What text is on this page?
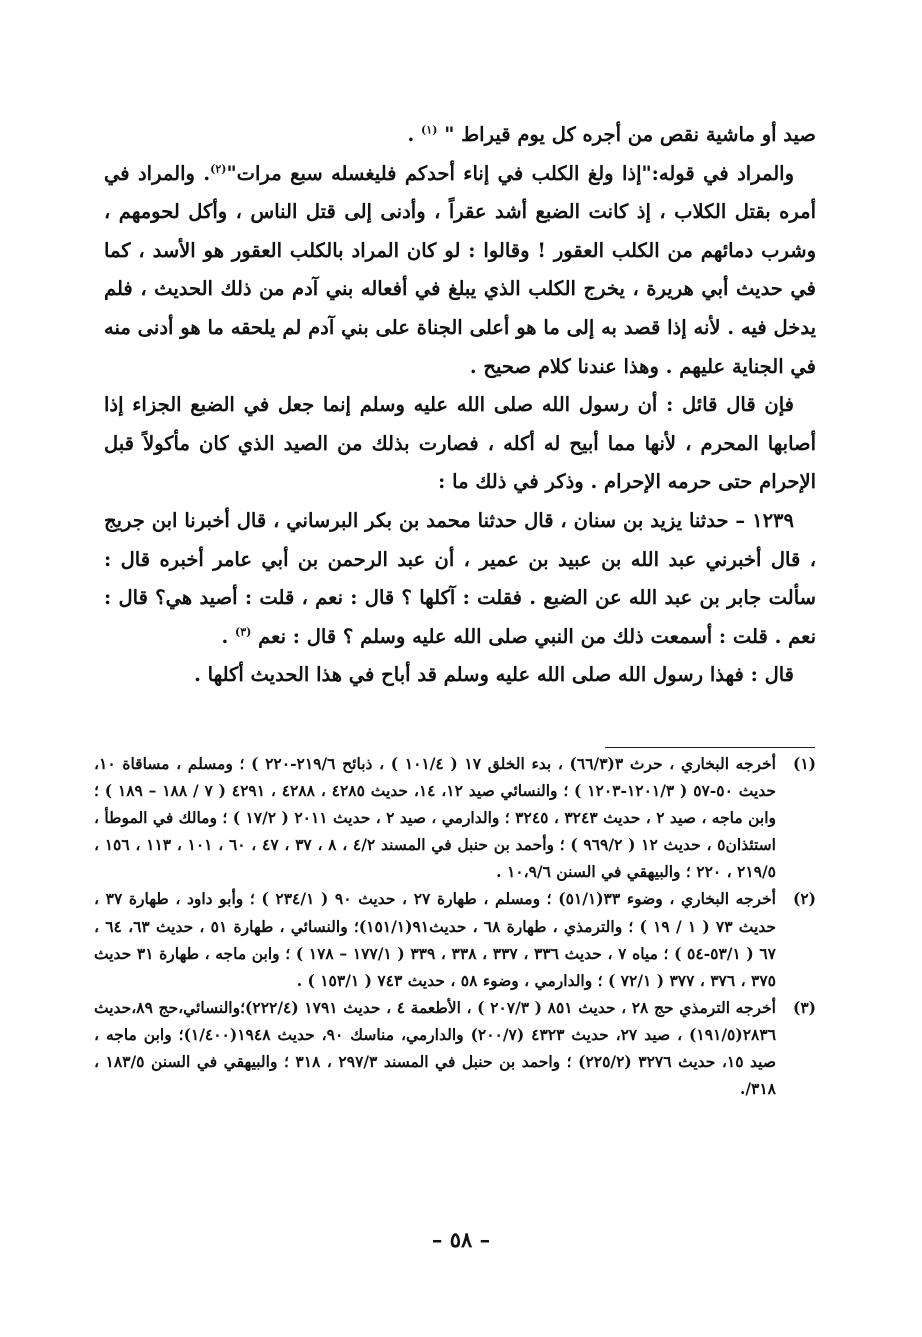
صيد أو ماشية نقص من أجره كل يوم قيراط " $^{(١)}$ .

والمراد في قوله:"إذا ولغ الكلب في إناء أحدكم فليغسله سبع مرات"$^{(٢)}$. والمراد في أمره بقتل الكلاب ، إذ كانت الضبع أشد عقراً ، وأدنى إلى قتل الناس ، وأكل لحومهم ، وشرب دمائهم من الكلب العقور ! وقالوا : لو كان المراد بالكلب العقور هو الأسد ، كما في حديث أبي هريرة ، يخرج الكلب الذي يبلغ في أفعاله بني آدم من ذلك الحديث ، فلم يدخل فيه . لأنه إذا قصد به إلى ما هو أعلى الجناة على بني آدم لم يلحقه ما هو أدنى منه في الجناية عليهم . وهذا عندنا كلام صحيح .

فإن قال قائل : أن رسول الله صلى الله عليه وسلم إنما جعل في الضبع الجزاء إذا أصابها المحرم ، لأنها مما أبيح له أكله ، فصارت بذلك من الصيد الذي كان مأكولاً قبل الإحرام حتى حرمه الإحرام . وذكر في ذلك ما :

١٢٣٩ – حدثنا يزيد بن سنان ، قال حدثنا محمد بن بكر البرساني ، قال أخبرنا ابن جريج ، قال أخبرني عبد الله بن عبيد بن عمير ، أن عبد الرحمن بن أبي عامر أخبره قال : سألت جابر بن عبد الله عن الضبع . فقلت : آكلها ؟ قال : نعم ، قلت : أصيد هي؟ قال : نعم . قلت : أسمعت ذلك من النبي صلى الله عليه وسلم ؟ قال : نعم $^{(٣)}$ .

قال : فهذا رسول الله صلى الله عليه وسلم قد أباح في هذا الحديث أكلها .

(١)
أخرجه البخاري ، حرث ٣(٦٦/٣) ، بدء الخلق ١٧ ( ١٠١/٤ ) ، ذبائح ٢١٩/٦-٢٢٠ ) ؛ ومسلم ، مساقاة ١٠، حديث ٥٠-٥٧ ( ١٢٠١/٣-١٢٠٣ ) ؛ والنسائي صيد ١٢، ١٤، حديث ٤٢٨٥ ، ٤٢٨٨ ، ٤٢٩١ ( ٧ / ١٨٨ – ١٨٩ ) ؛ وابن ماجه ، صيد ٢ ، حديث ٣٢٤٣ ، ٣٢٤٥ ؛ والدارمي ، صيد ٢ ، حديث ٢٠١١ ( ١٧/٢ ) ؛ ومالك في الموطأ ، استئذان٥ ، حديث ١٢ ( ٩٦٩/٢ ) ؛ وأحمد بن حنبل في المسند ٤/٢ ، ٨ ، ٣٧ ، ٤٧ ، ٦٠ ، ١٠١ ، ١١٣ ، ١٥٦ ، ٢١٩/٥ ، ٢٢٠ ؛ والبيهقي في السنن ١٠،٩/٦ .
(٢)
أخرجه البخاري ، وضوء ٣٣(٥١/١) ؛ ومسلم ، طهارة ٢٧ ، حديث ٩٠ ( ٢٣٤/١ ) ؛ وأبو داود ، طهارة ٣٧ ، حديث ٧٣ ( ١ / ١٩ ) ؛ والترمذي ، طهارة ٦٨ ، حديث٩١(١٥١/١)؛ والنسائي ، طهارة ٥١ ، حديث ٦٣، ٦٤ ، ٦٧ ( ٥٣/١-٥٤ ) ؛ مياه ٧ ، حديث ٣٣٦ ، ٣٣٧ ، ٣٣٨ ، ٣٣٩ ( ١٧٧/١ – ١٧٨ ) ؛ وابن ماجه ، طهارة ٣١ حديث ٣٧٥ ، ٣٧٦ ، ٣٧٧ ( ٧٢/١ ) ؛ والدارمي ، وضوء ٥٨ ، حديث ٧٤٣ ( ١٥٣/١ ) .
(٣)
أخرجه الترمذي حج ٢٨ ، حديث ٨٥١ ( ٢٠٧/٣ ) ، الأطعمة ٤ ، حديث ١٧٩١ (٢٢٢/٤)؛والنسائي،حج ٨٩،حديث ٢٨٣٦(١٩١/٥) ، صيد ٢٧، حديث ٤٣٢٣ (٢٠٠/٧) والدارمي، مناسك ٩٠، حديث ١٩٤٨(١/٤٠٠)؛ وابن ماجه ، صيد ١٥، حديث ٣٢٧٦ (٢٢٥/٢) ؛ واحمد بن حنبل في المسند ٢٩٧/٣ ، ٣١٨ ؛ والبيهقي في السنن ١٨٣/٥ ، ٣١٨/.
– ٥٨ –
